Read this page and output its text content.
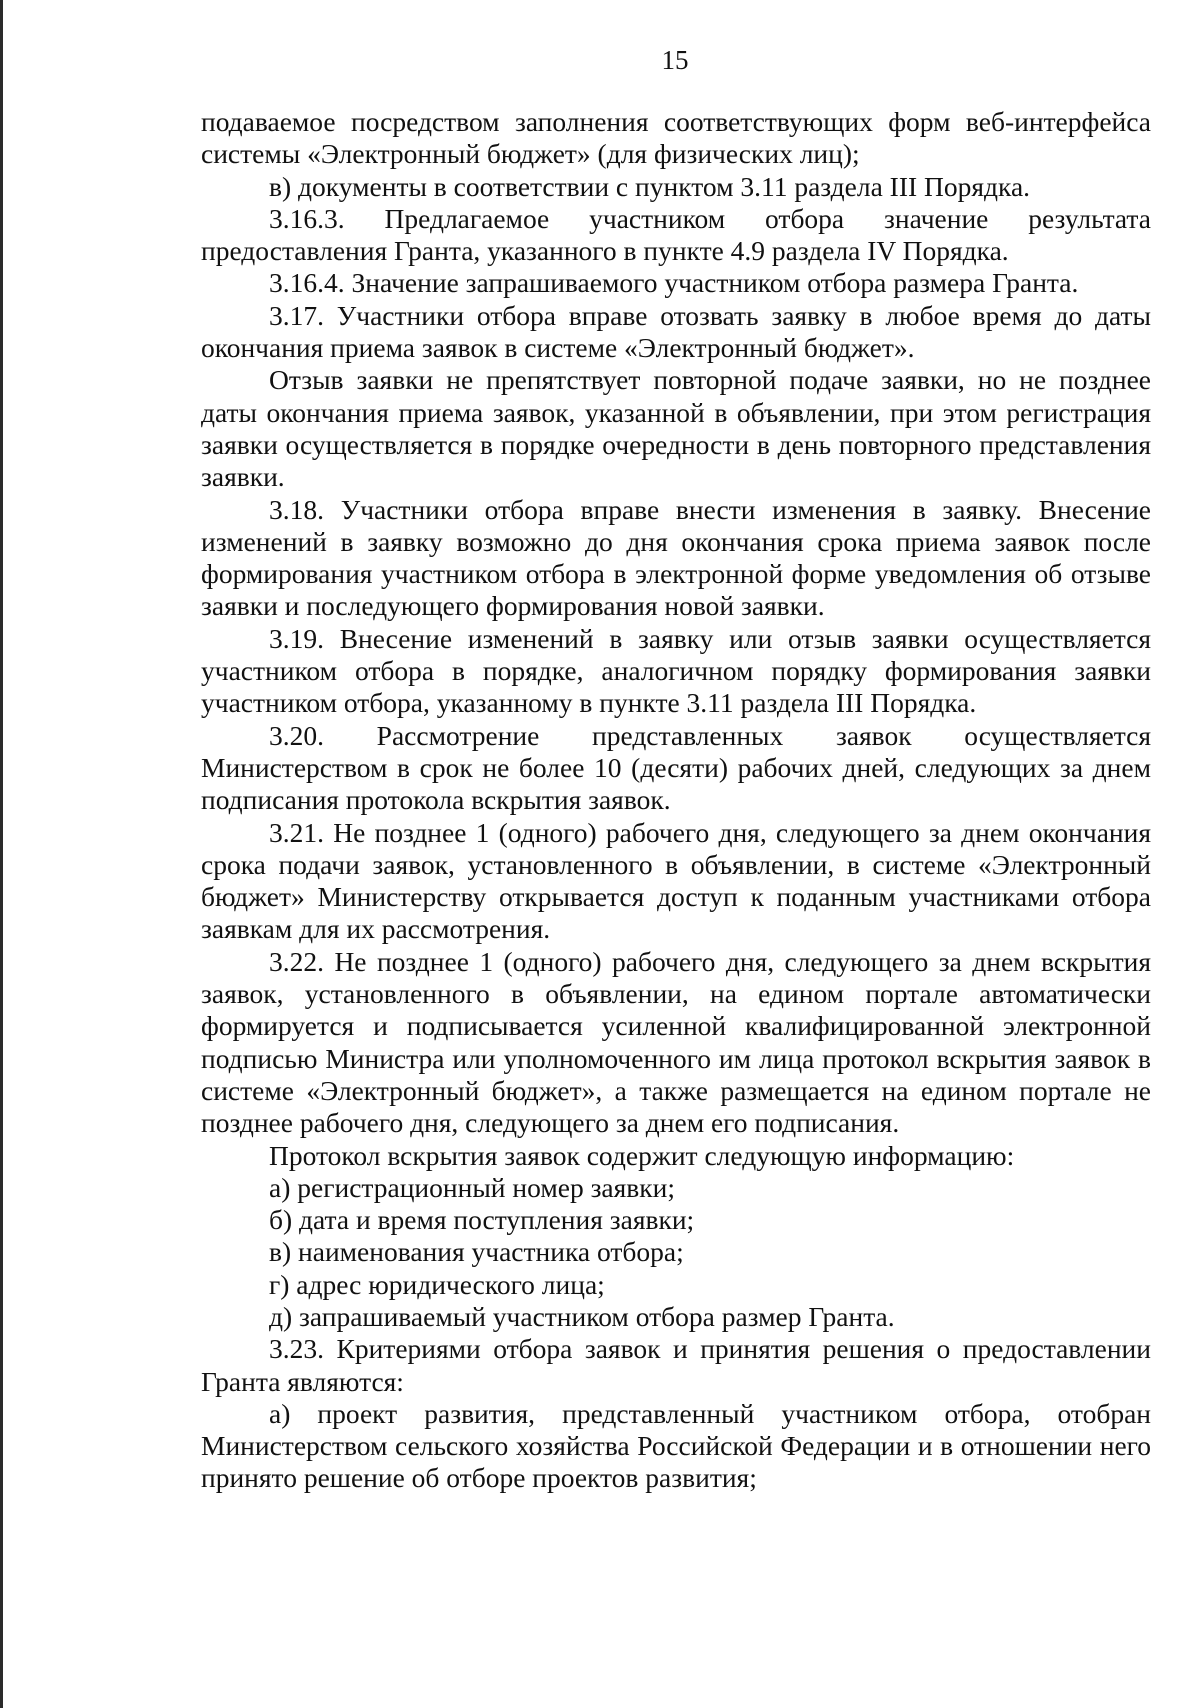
15

подаваемое посредством заполнения соответствующих форм веб-интерфейса системы «Электронный бюджет» (для физических лиц);

в) документы в соответствии с пунктом 3.11 раздела III Порядка.

3.16.3. Предлагаемое участником отбора значение результата предоставления Гранта, указанного в пункте 4.9 раздела IV Порядка.

3.16.4. Значение запрашиваемого участником отбора размера Гранта.

3.17. Участники отбора вправе отозвать заявку в любое время до даты окончания приема заявок в системе «Электронный бюджет».

Отзыв заявки не препятствует повторной подаче заявки, но не позднее даты окончания приема заявок, указанной в объявлении, при этом регистрация заявки осуществляется в порядке очередности в день повторного представления заявки.

3.18. Участники отбора вправе внести изменения в заявку. Внесение изменений в заявку возможно до дня окончания срока приема заявок после формирования участником отбора в электронной форме уведомления об отзыве заявки и последующего формирования новой заявки.

3.19. Внесение изменений в заявку или отзыв заявки осуществляется участником отбора в порядке, аналогичном порядку формирования заявки участником отбора, указанному в пункте 3.11 раздела III Порядка.

3.20. Рассмотрение представленных заявок осуществляется Министерством в срок не более 10 (десяти) рабочих дней, следующих за днем подписания протокола вскрытия заявок.

3.21. Не позднее 1 (одного) рабочего дня, следующего за днем окончания срока подачи заявок, установленного в объявлении, в системе «Электронный бюджет» Министерству открывается доступ к поданным участниками отбора заявкам для их рассмотрения.

3.22. Не позднее 1 (одного) рабочего дня, следующего за днем вскрытия заявок, установленного в объявлении, на едином портале автоматически формируется и подписывается усиленной квалифицированной электронной подписью Министра или уполномоченного им лица протокол вскрытия заявок в системе «Электронный бюджет», а также размещается на едином портале не позднее рабочего дня, следующего за днем его подписания.

Протокол вскрытия заявок содержит следующую информацию:

а) регистрационный номер заявки;

б) дата и время поступления заявки;

в) наименования участника отбора;

г) адрес юридического лица;

д) запрашиваемый участником отбора размер Гранта.

3.23. Критериями отбора заявок и принятия решения о предоставлении Гранта являются:

а) проект развития, представленный участником отбора, отобран Министерством сельского хозяйства Российской Федерации и в отношении него принято решение об отборе проектов развития;
